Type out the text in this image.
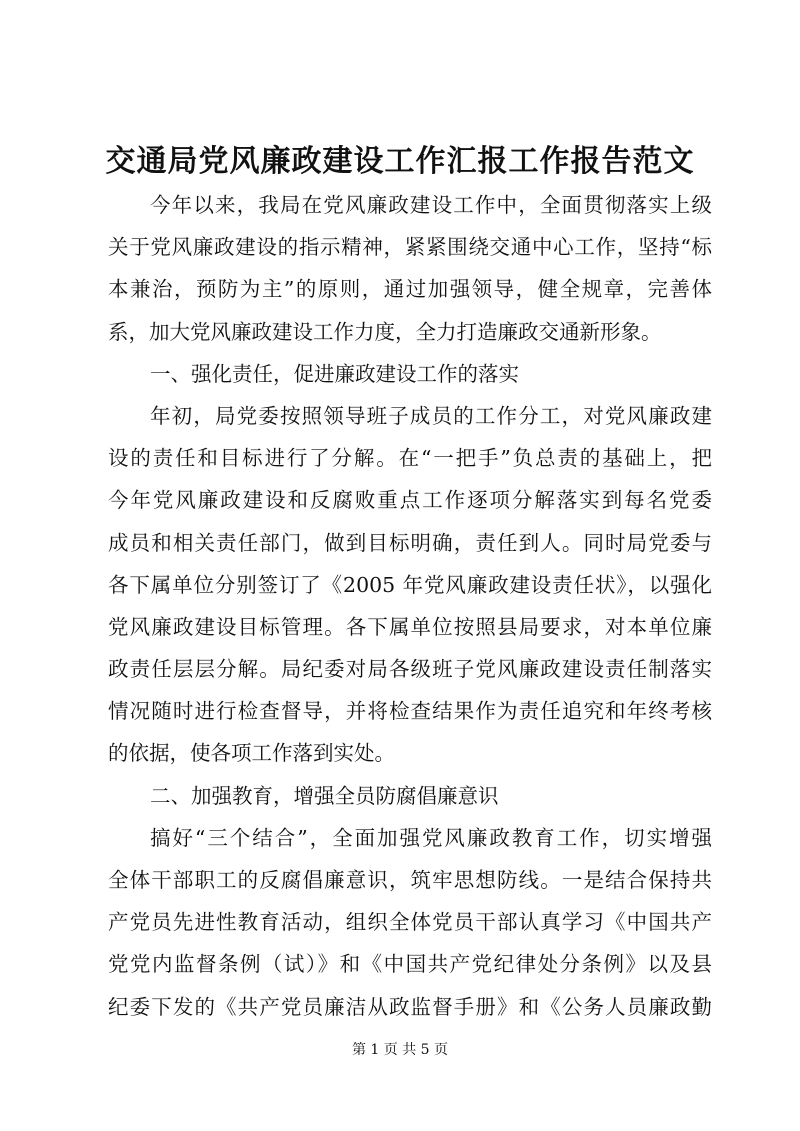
交通局党风廉政建设工作汇报工作报告范文
今年以来，我局在党风廉政建设工作中，全面贯彻落实上级
关于党风廉政建设的指示精神，紧紧围绕交通中心工作，坚持“标
本兼治，预防为主”的原则，通过加强领导，健全规章，完善体
系，加大党风廉政建设工作力度，全力打造廉政交通新形象。
一、强化责任，促进廉政建设工作的落实
年初，局党委按照领导班子成员的工作分工，对党风廉政建
设的责任和目标进行了分解。在“一把手”负总责的基础上，把
今年党风廉政建设和反腐败重点工作逐项分解落实到每名党委
成员和相关责任部门，做到目标明确，责任到人。同时局党委与
各下属单位分别签订了《2005 年党风廉政建设责任状》，以强化
党风廉政建设目标管理。各下属单位按照县局要求，对本单位廉
政责任层层分解。局纪委对局各级班子党风廉政建设责任制落实
情况随时进行检查督导，并将检查结果作为责任追究和年终考核
的依据，使各项工作落到实处。
二、加强教育，增强全员防腐倡廉意识
搞好“三个结合”，全面加强党风廉政教育工作，切实增强
全体干部职工的反腐倡廉意识，筑牢思想防线。一是结合保持共
产党员先进性教育活动，组织全体党员干部认真学习《中国共产
党党内监督条例（试）》和《中国共产党纪律处分条例》以及县
纪委下发的《共产党员廉洁从政监督手册》和《公务人员廉政勤
第 1 页 共 5 页
